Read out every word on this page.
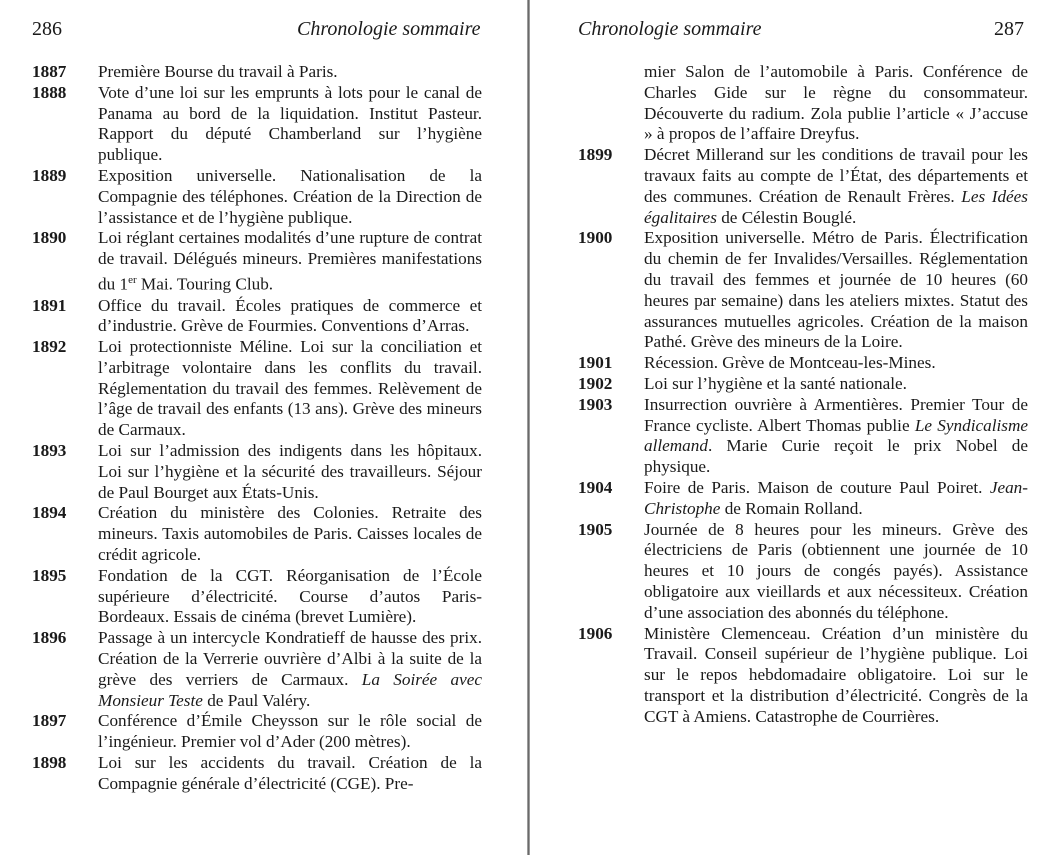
286	Chronologie sommaire
1887	Première Bourse du travail à Paris.
1888	Vote d’une loi sur les emprunts à lots pour le canal de Panama au bord de la liquidation. Institut Pasteur. Rapport du député Chamberland sur l’hygiène publique.
1889	Exposition universelle. Nationalisation de la Compagnie des téléphones. Création de la Direction de l’assistance et de l’hygiène publique.
1890	Loi réglant certaines modalités d’une rupture de contrat de travail. Délégués mineurs. Premières manifestations du 1er Mai. Touring Club.
1891	Office du travail. Écoles pratiques de commerce et d’industrie. Grève de Fourmies. Conventions d’Arras.
1892	Loi protectionniste Méline. Loi sur la conciliation et l’arbitrage volontaire dans les conflits du travail. Réglementation du travail des femmes. Relèvement de l’âge de travail des enfants (13 ans). Grève des mineurs de Carmaux.
1893	Loi sur l’admission des indigents dans les hôpitaux. Loi sur l’hygiène et la sécurité des travailleurs. Séjour de Paul Bourget aux États-Unis.
1894	Création du ministère des Colonies. Retraite des mineurs. Taxis automobiles de Paris. Caisses locales de crédit agricole.
1895	Fondation de la CGT. Réorganisation de l’École supérieure d’électricité. Course d’autos Paris-Bordeaux. Essais de cinéma (brevet Lumière).
1896	Passage à un intercycle Kondratieff de hausse des prix. Création de la Verrerie ouvrière d’Albi à la suite de la grève des verriers de Carmaux. La Soirée avec Monsieur Teste de Paul Valéry.
1897	Conférence d’Émile Cheysson sur le rôle social de l’ingénieur. Premier vol d’Ader (200 mètres).
1898	Loi sur les accidents du travail. Création de la Compagnie générale d’électricité (CGE). Pre-
Chronologie sommaire	287
mier Salon de l’automobile à Paris. Conférence de Charles Gide sur le règne du consommateur. Découverte du radium. Zola publie l’article « J’accuse » à propos de l’affaire Dreyfus.
1899	Décret Millerand sur les conditions de travail pour les travaux faits au compte de l’État, des départements et des communes. Création de Renault Frères. Les Idées égalitaires de Célestin Bouglé.
1900	Exposition universelle. Métro de Paris. Électrification du chemin de fer Invalides/Versailles. Réglementation du travail des femmes et journée de 10 heures (60 heures par semaine) dans les ateliers mixtes. Statut des assurances mutuelles agricoles. Création de la maison Pathé. Grève des mineurs de la Loire.
1901	Récession. Grève de Montceau-les-Mines.
1902	Loi sur l’hygiène et la santé nationale.
1903	Insurrection ouvrière à Armentières. Premier Tour de France cycliste. Albert Thomas publie Le Syndicalisme allemand. Marie Curie reçoit le prix Nobel de physique.
1904	Foire de Paris. Maison de couture Paul Poiret. Jean-Christophe de Romain Rolland.
1905	Journée de 8 heures pour les mineurs. Grève des électriciens de Paris (obtiennent une journée de 10 heures et 10 jours de congés payés). Assistance obligatoire aux vieillards et aux nécessiteux. Création d’une association des abonnés du téléphone.
1906	Ministère Clemenceau. Création d’un ministère du Travail. Conseil supérieur de l’hygiène publique. Loi sur le repos hebdomadaire obligatoire. Loi sur le transport et la distribution d’électricité. Congrès de la CGT à Amiens. Catastrophe de Courrières.
